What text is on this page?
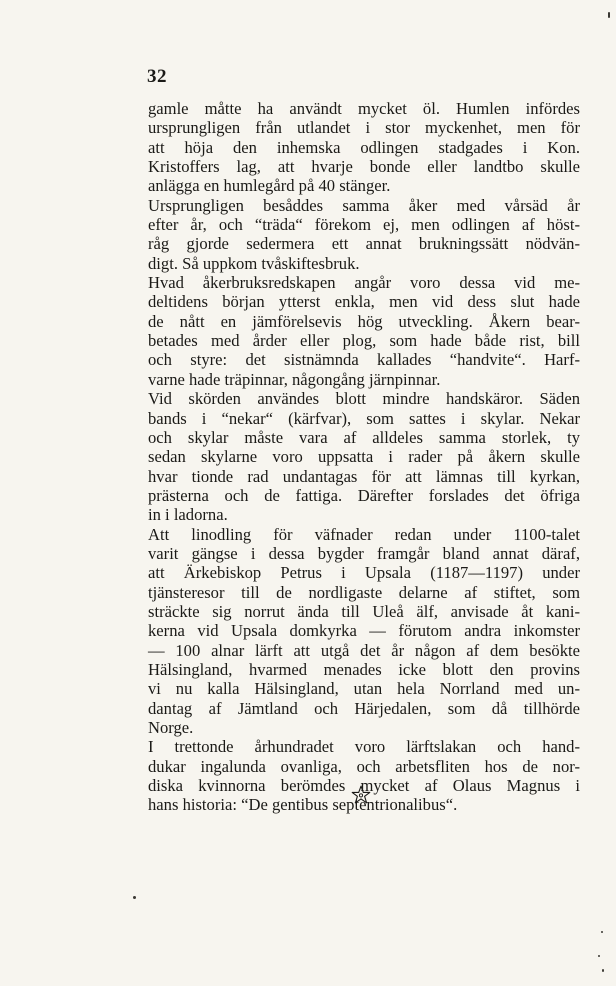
32
gamle måtte ha användt mycket öl. Humlen infördes
ursprungligen från utlandet i stor myckenhet, men för
att höja den inhemska odlingen stadgades i Kon.
Kristoffers lag, att hvarje bonde eller landtbo skulle
anlägga en humlegård på 40 stänger.
Ursprungligen besåddes samma åker med vårsäd år
efter år, och “träda“ förekom ej, men odlingen af höst-
råg gjorde sedermera ett annat brukningssätt nödvän-
digt. Så uppkom tvåskiftesbruk.
Hvad åkerbruksredskapen angår voro dessa vid me-
deltidens början ytterst enkla, men vid dess slut hade
de nått en jämförelsevis hög utveckling. Åkern bear-
betades med årder eller plog, som hade både rist, bill
och styre: det sistnämnda kallades “handvite“. Harf-
varne hade träpinnar, någongång järnpinnar.
Vid skörden användes blott mindre handskäror. Säden
bands i “nekar“ (kärfvar), som sattes i skylar. Nekar
och skylar måste vara af alldeles samma storlek, ty
sedan skylarne voro uppsatta i rader på åkern skulle
hvar tionde rad undantagas för att lämnas till kyrkan,
prästerna och de fattiga. Därefter forslades det öfriga
in i ladorna.
Att linodling för väfnader redan under 1100-talet
varit gängse i dessa bygder framgår bland annat däraf,
att Ärkebiskop Petrus i Upsala (1187—1197) under
tjänsteresor till de nordligaste delarne af stiftet, som
sträckte sig norrut ända till Uleå älf, anvisade åt kani-
kerna vid Upsala domkyrka — förutom andra inkomster
— 100 alnar lärft att utgå det år någon af dem besökte
Hälsingland, hvarmed menades icke blott den provins
vi nu kalla Hälsingland, utan hela Norrland med un-
dantag af Jämtland och Härjedalen, som då tillhörde
Norge.
I trettonde århundradet voro lärftslakan och hand-
dukar ingalunda ovanliga, och arbetsfliten hos de nor-
diska kvinnorna berömdes mycket af Olaus Magnus i
hans historia: “De gentibus septentrionalibus“.
